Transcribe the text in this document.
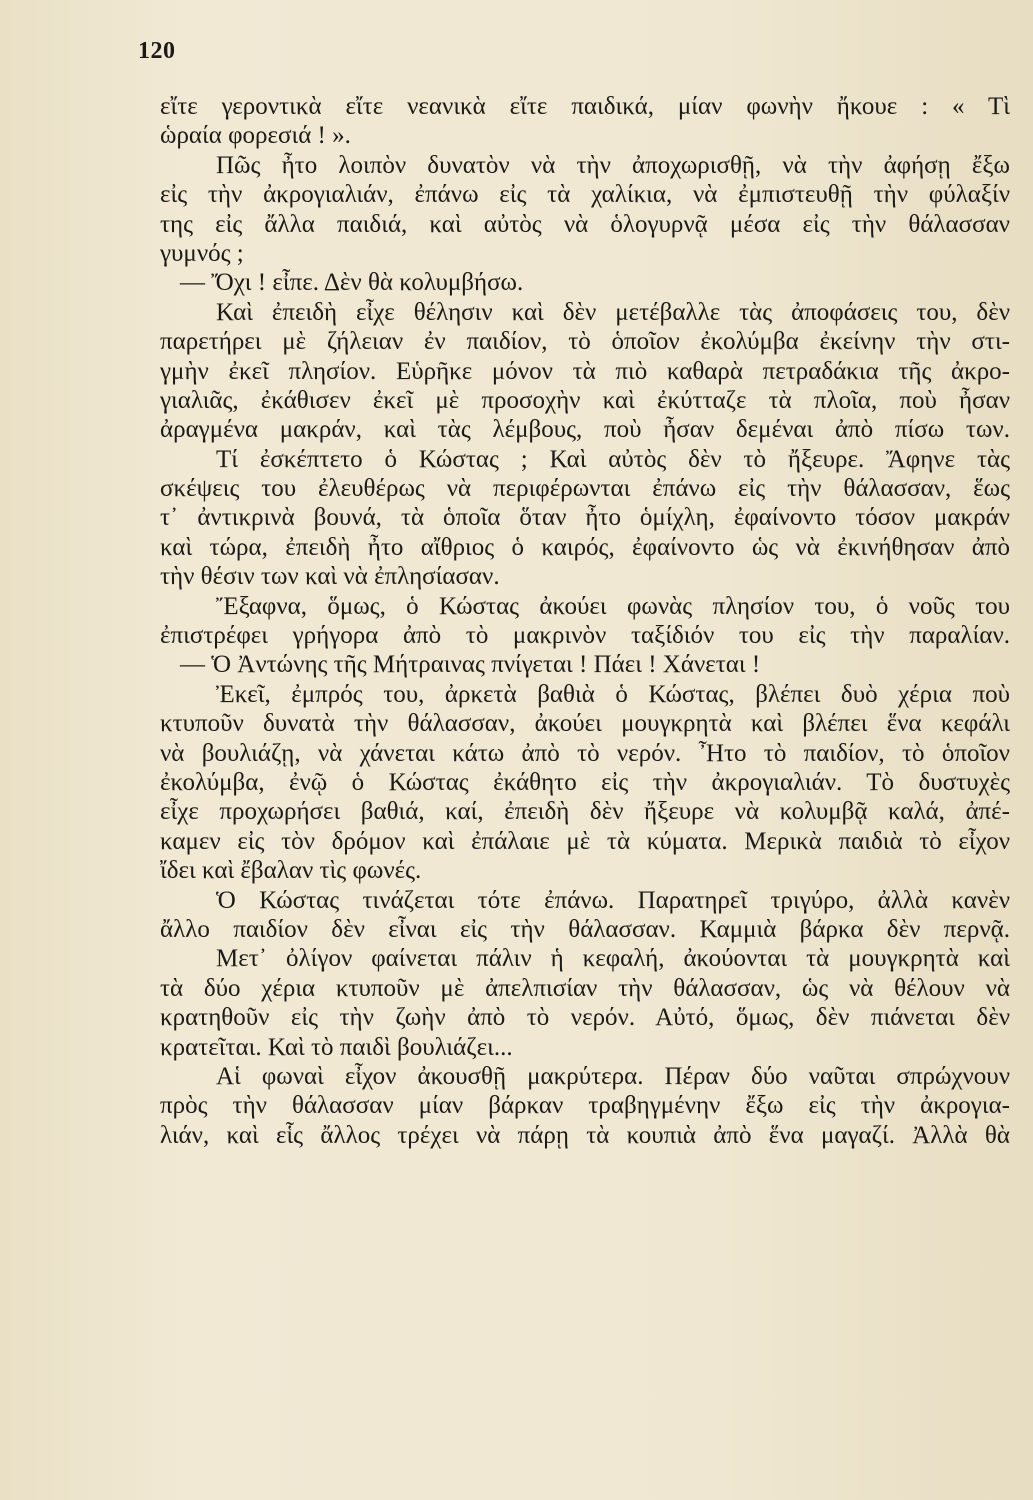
120
εἴτε γεροντικὰ εἴτε νεανικὰ εἴτε παιδικά, μίαν φωνὴν ἤκουε : « Τὶ
ὡραία φορεσιά ! ».
Πῶς ἦτο λοιπὸν δυνατὸν νὰ τὴν ἀποχωρισθῇ, νὰ τὴν ἀφήσῃ ἔξω
εἰς τὴν ἀκρογιαλιάν, ἐπάνω εἰς τὰ χαλίκια, νὰ ἐμπιστευθῇ τὴν φύλαξίν
της εἰς ἄλλα παιδιά, καὶ αὐτὸς νὰ ὁλογυρνᾷ μέσα εἰς τὴν θάλασσαν
γυμνός ;
— Ὄχι ! εἶπε. Δὲν θὰ κολυμβήσω.
Καὶ ἐπειδὴ εἶχε θέλησιν καὶ δὲν μετέβαλλε τὰς ἀποφάσεις του, δὲν
παρετήρει μὲ ζήλειαν ἐν παιδίον, τὸ ὁποῖον ἐκολύμβα ἐκείνην τὴν στι-
γμὴν ἐκεῖ πλησίον. Εὑρῆκε μόνον τὰ πιὸ καθαρὰ πετραδάκια τῆς ἀκρο-
γιαλιᾶς, ἐκάθισεν ἐκεῖ μὲ προσοχὴν καὶ ἐκύτταζε τὰ πλοῖα, ποὺ ἦσαν
ἀραγμένα μακράν, καὶ τὰς λέμβους, ποὺ ἦσαν δεμέναι ἀπὸ πίσω των.
Τί ἐσκέπτετο ὁ Κώστας ; Καὶ αὐτὸς δὲν τὸ ἤξευρε. Ἄφηνε τὰς
σκέψεις του ἐλευθέρως νὰ περιφέρωνται ἐπάνω εἰς τὴν θάλασσαν, ἕως
τ᾽ ἀντικρινὰ βουνά, τὰ ὁποῖα ὅταν ἦτο ὁμίχλη, ἐφαίνοντο τόσον μακράν
καὶ τώρα, ἐπειδὴ ἦτο αἴθριος ὁ καιρός, ἐφαίνοντο ὡς νὰ ἐκινήθησαν ἀπὸ
τὴν θέσιν των καὶ νὰ ἐπλησίασαν.
Ἔξαφνα, ὅμως, ὁ Κώστας ἀκούει φωνὰς πλησίον του, ὁ νοῦς του
ἐπιστρέφει γρήγορα ἀπὸ τὸ μακρινὸν ταξίδιόν του εἰς τὴν παραλίαν.
— Ὁ Ἀντώνης τῆς Μήτραινας πνίγεται ! Πάει ! Χάνεται !
Ἐκεῖ, ἐμπρός του, ἀρκετὰ βαθιὰ ὁ Κώστας, βλέπει δυὸ χέρια ποὺ
κτυποῦν δυνατὰ τὴν θάλασσαν, ἀκούει μουγκρητὰ καὶ βλέπει ἕνα κεφάλι
νὰ βουλιάζῃ, νὰ χάνεται κάτω ἀπὸ τὸ νερόν. Ἦτο τὸ παιδίον, τὸ ὁποῖον
ἐκολύμβα, ἐνῷ ὁ Κώστας ἐκάθητο εἰς τὴν ἀκρογιαλιάν. Τὸ δυστυχὲς
εἶχε προχωρήσει βαθιά, καί, ἐπειδὴ δὲν ἤξευρε νὰ κολυμβᾷ καλά, ἀπέ-
καμεν εἰς τὸν δρόμον καὶ ἐπάλαιε μὲ τὰ κύματα. Μερικὰ παιδιὰ τὸ εἶχον
ἴδει καὶ ἔβαλαν τὶς φωνές.
Ὁ Κώστας τινάζεται τότε ἐπάνω. Παρατηρεῖ τριγύρο, ἀλλὰ κανὲν
ἄλλο παιδίον δὲν εἶναι εἰς τὴν θάλασσαν. Καμμιὰ βάρκα δὲν περνᾷ.
Μετ᾽ ὀλίγον φαίνεται πάλιν ἡ κεφαλή, ἀκούονται τὰ μουγκρητὰ καὶ
τὰ δύο χέρια κτυποῦν μὲ ἀπελπισίαν τὴν θάλασσαν, ὡς νὰ θέλουν νὰ
κρατηθοῦν εἰς τὴν ζωὴν ἀπὸ τὸ νερόν. Αὐτό, ὅμως, δὲν πιάνεται δὲν
κρατεῖται. Καὶ τὸ παιδὶ βουλιάζει...
Αἱ φωναὶ εἶχον ἀκουσθῇ μακρύτερα. Πέραν δύο ναῦται σπρώχνουν
πρὸς τὴν θάλασσαν μίαν βάρκαν τραβηγμένην ἔξω εἰς τὴν ἀκρογια-
λιάν, καὶ εἷς ἄλλος τρέχει νὰ πάρῃ τὰ κουπιὰ ἀπὸ ἕνα μαγαζί. Ἀλλὰ θὰ
